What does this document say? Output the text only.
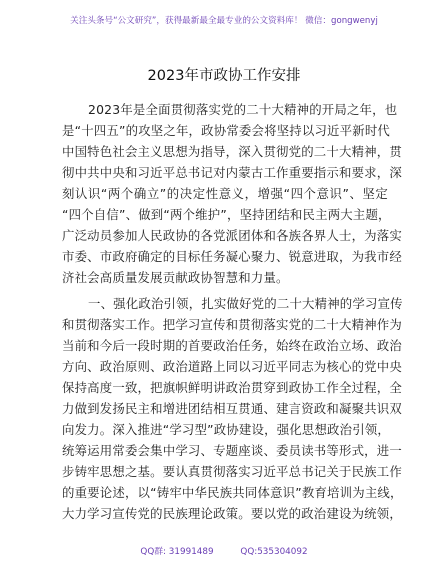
关注头条号“公文研究”，获得最新最全最专业的公文资料库！ 微信：gongwenyj
2023年市政协工作安排
2023年是全面贯彻落实党的二十大精神的开局之年，也
是“十四五”的攻坚之年，政协常委会将坚持以习近平新时代
中国特色社会主义思想为指导，深入贯彻党的二十大精神，贯
彻中共中央和习近平总书记对内蒙古工作重要指示和要求，深
刻认识“两个确立”的决定性意义，增强“四个意识”、坚定
“四个自信”、做到“两个维护”，坚持团结和民主两大主题，
广泛动员参加人民政协的各党派团体和各族各界人士，为落实
市委、市政府确定的目标任务凝心聚力、锐意进取，为我市经
济社会高质量发展贡献政协智慧和力量。
一、强化政治引领，扎实做好党的二十大精神的学习宣传
和贯彻落实工作。把学习宣传和贯彻落实党的二十大精神作为
当前和今后一段时期的首要政治任务，始终在政治立场、政治
方向、政治原则、政治道路上同以习近平同志为核心的党中央
保持高度一致，把旗帜鲜明讲政治贯穿到政协工作全过程，全
力做到发扬民主和增进团结相互贯通、建言资政和凝聚共识双
向发力。深入推进“学习型”政协建设，强化思想政治引领，
统筹运用常委会集中学习、专题座谈、委员读书等形式，进一
步铸牢思想之基。要认真贯彻落实习近平总书记关于民族工作
的重要论述，以“铸牢中华民族共同体意识”教育培训为主线，
大力学习宣传党的民族理论政策。要以党的政治建设为统领，
QQ群: 31991489	QQ:535304092
